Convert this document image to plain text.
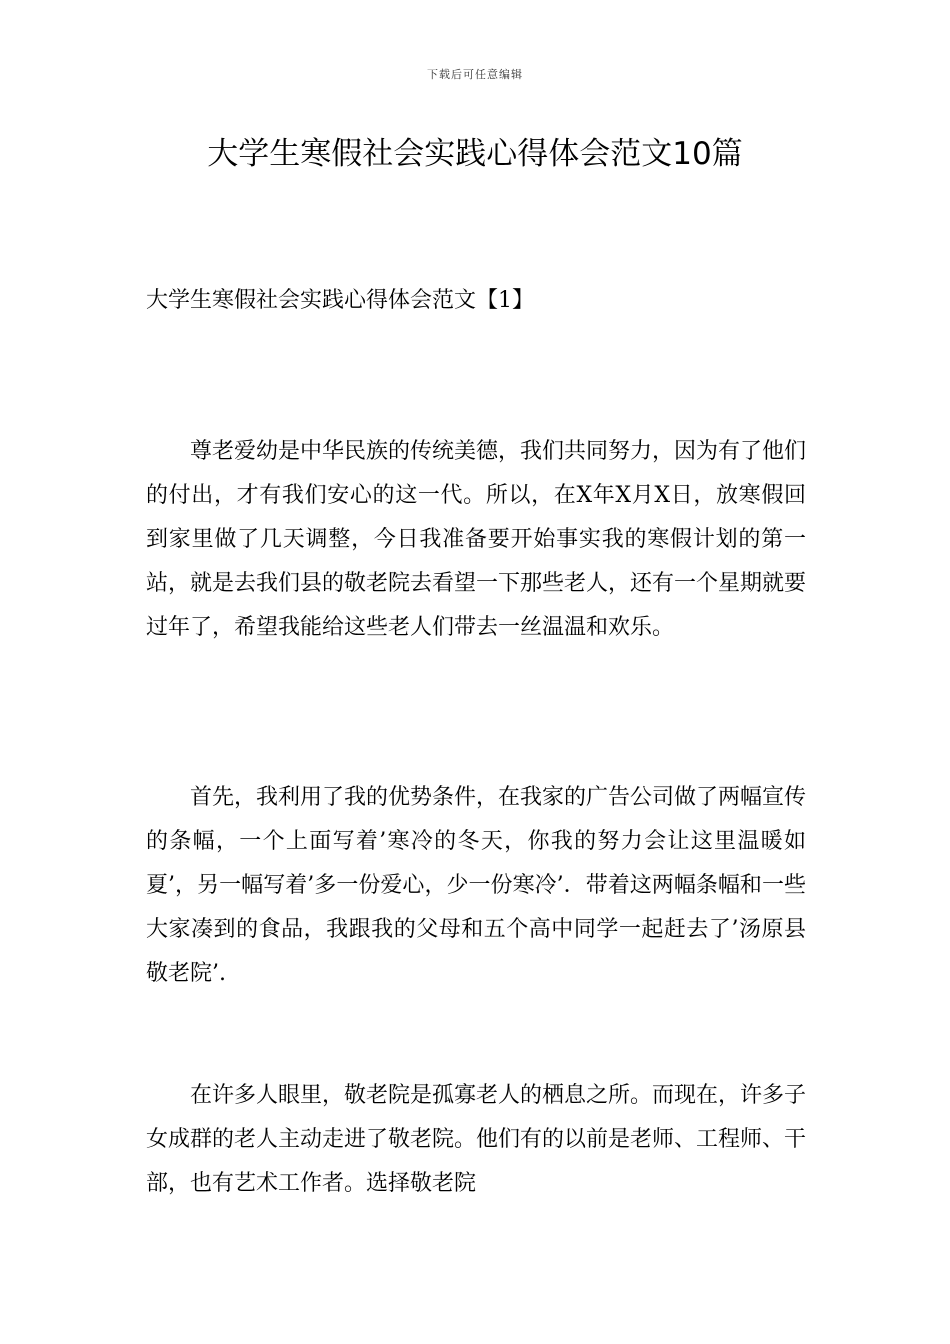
下载后可任意编辑
大学生寒假社会实践心得体会范文10篇
大学生寒假社会实践心得体会范文【1】

尊老爱幼是中华民族的传统美德，我们共同努力，因为有了他们的付出，才有我们安心的这一代。所以，在X年X月X日，放寒假回到家里做了几天调整，今日我准备要开始事实我的寒假计划的第一站，就是去我们县的敬老院去看望一下那些老人，还有一个星期就要过年了，希望我能给这些老人们带去一丝温温和欢乐。

首先，我利用了我的优势条件，在我家的广告公司做了两幅宣传的条幅，一个上面写着’寒冷的冬天，你我的努力会让这里温暖如夏’，另一幅写着’多一份爱心，少一份寒冷’．带着这两幅条幅和一些大家凑到的食品，我跟我的父母和五个高中同学一起赶去了’汤原县敬老院’.

在许多人眼里，敬老院是孤寡老人的栖息之所。而现在，许多子女成群的老人主动走进了敬老院。他们有的以前是老师、工程师、干部，也有艺术工作者。选择敬老院
